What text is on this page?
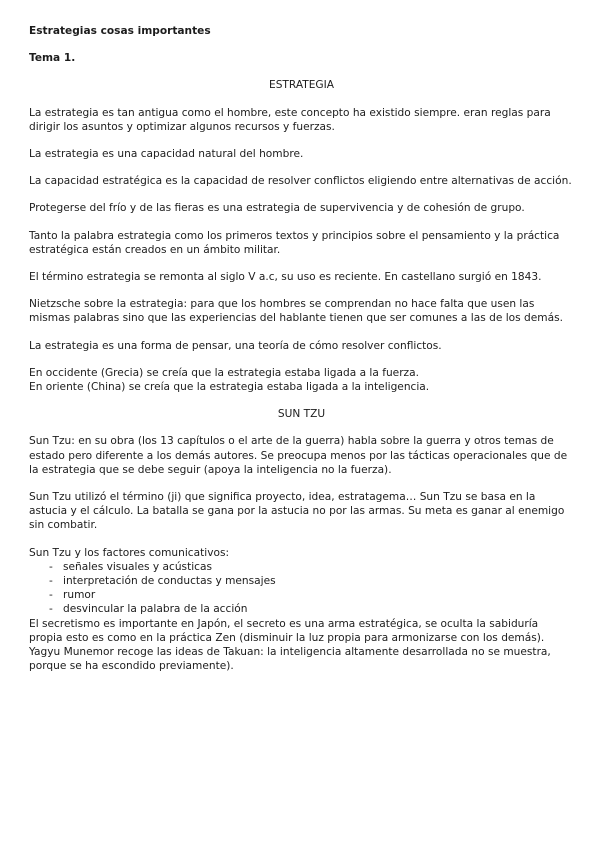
Estrategias cosas importantes
Tema 1.
ESTRATEGIA

La estrategia es tan antigua como el hombre, este concepto ha existido siempre. eran reglas para dirigir los asuntos y optimizar algunos recursos y fuerzas.

La estrategia es una capacidad natural del hombre.

La capacidad estratégica es la capacidad de resolver conflictos eligiendo entre alternativas de acción.

Protegerse del frío y de las fieras es una estrategia de supervivencia y de cohesión de grupo.

Tanto la palabra estrategia como los primeros textos y principios sobre el pensamiento y la práctica estratégica están creados en un ámbito militar.

El término estrategia se remonta al siglo V a.c, su uso es reciente. En castellano surgió en 1843.

Nietzsche sobre la estrategia: para que los hombres se comprendan no hace falta que usen las mismas palabras sino que las experiencias del hablante tienen que ser comunes a las de los demás.

La estrategia es una forma de pensar, una teoría de cómo resolver conflictos.

En occidente (Grecia) se creía que la estrategia estaba ligada a la fuerza.

En oriente (China) se creía que la estrategia estaba ligada a la inteligencia.

SUN TZU

Sun Tzu: en su obra (los 13 capítulos o el arte de la guerra) habla sobre la guerra y otros temas de estado pero diferente a los demás autores. Se preocupa menos por las tácticas operacionales que de la estrategia que se debe seguir (apoya la inteligencia no la fuerza).

Sun Tzu utilizó el término (ji) que significa proyecto, idea, estratagema… Sun Tzu se basa en la astucia y el cálculo. La batalla se gana por la astucia no por las armas. Su meta es ganar al enemigo sin combatir.

Sun Tzu y los factores comunicativos:

- señales visuales y acústicas
- interpretación de conductas y mensajes
- rumor
- desvincular la palabra de la acción

El secretismo es importante en Japón, el secreto es una arma estratégica, se oculta la sabiduría propia esto es como en la práctica Zen (disminuir la luz propia para armonizarse con los demás).

Yagyu Munemor recoge las ideas de Takuan: la inteligencia altamente desarrollada no se muestra, porque se ha escondido previamente).
